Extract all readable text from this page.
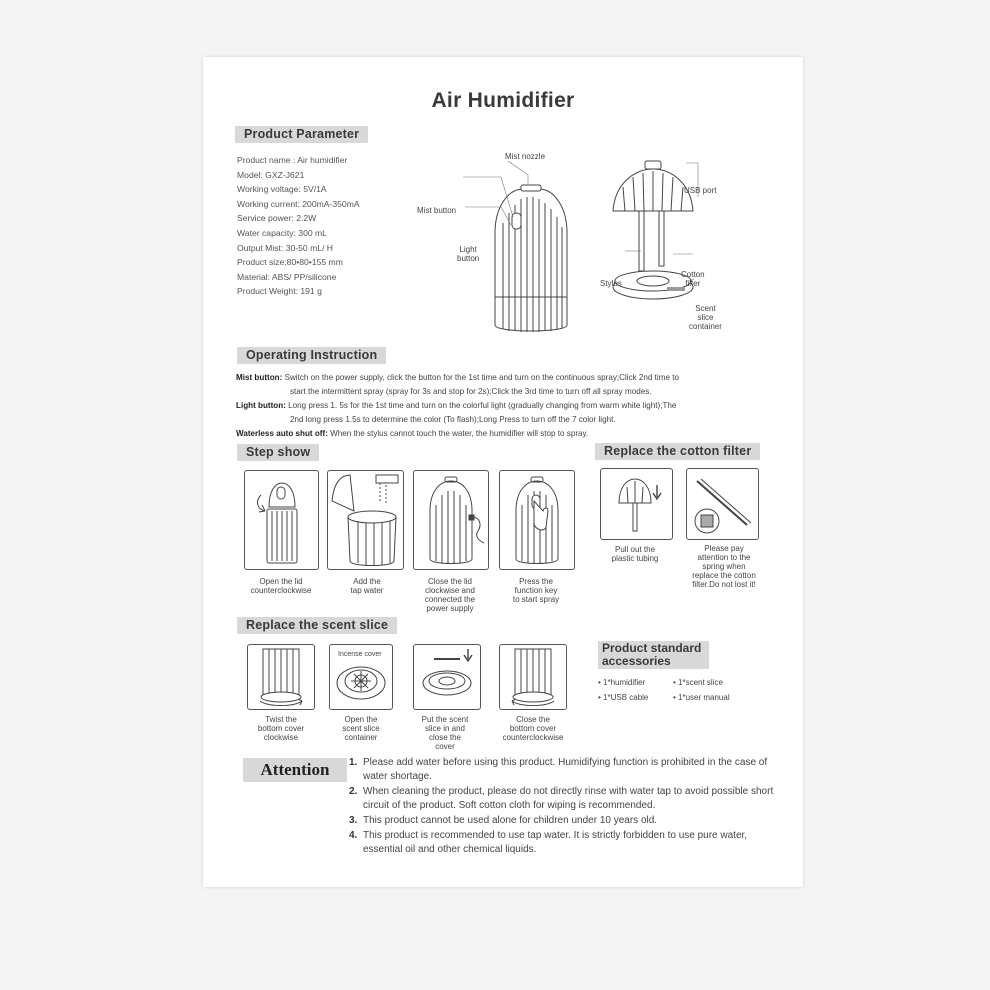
Air Humidifier
Product Parameter
Product name : Air humidifier
Model: GXZ-J621
Working voltage: 5V/1A
Working current: 200mA-350mA
Service power: 2.2W
Water capacity: 300 mL
Output Mist: 30-50 mL/ H
Product size:80•80•155 mm
Material: ABS/ PP/silicone
Product Weight: 191 g
Mist nozzle
Mist button
Light
button
USB port
Stylus
Cotton
filter
Scent
slice
container
Operating Instruction
Mist button: Switch on the power supply, click the button for the 1st time and turn on the continuous spray;Click 2nd time to
start the intermittent spray (spray for 3s and stop for 2s);Click the 3rd time to turn off all spray modes.
Light button: Long press 1. 5s for the 1st time and turn on the colorful light (gradually changing from warm white light);The
2nd long press 1.5s to determine the color (To flash);Long Press to turn off the 7 color light.
Waterless auto shut off: When the stylus cannot touch the water, the humidifier will stop to spray.
Step show
Open the lid
counterclockwise
Add the
tap water
Close the lid
clockwise and
connected the
power supply
Press the
function key
to start spray
Replace the cotton filter
Pull out the
plastic tubing
Please pay
attention to the
spring when
replace the cotton
filter.Do not lost it!
Replace the scent slice
Incense cover
Twist the
bottom cover
clockwise
Open the
scent slice
container
Put the scent
slice in and
close the
cover
Close the
bottom cover
counterclockwise
Product standard
accessories
• 1*humidifier	• 1*scent slice
• 1*USB cable	• 1*user manual
Attention	1. Please add water before using this product. Humidifying function is prohibited in the case of water shortage.
2. When cleaning the product, please do not directly rinse with water tap to avoid possible short circuit of the product. Soft cotton cloth for wiping is recommended.
3. This product cannot be used alone for children under 10 years old.
4. This product is recommended to use tap water. It is strictly forbidden to use pure water, essential oil and other chemical liquids.
